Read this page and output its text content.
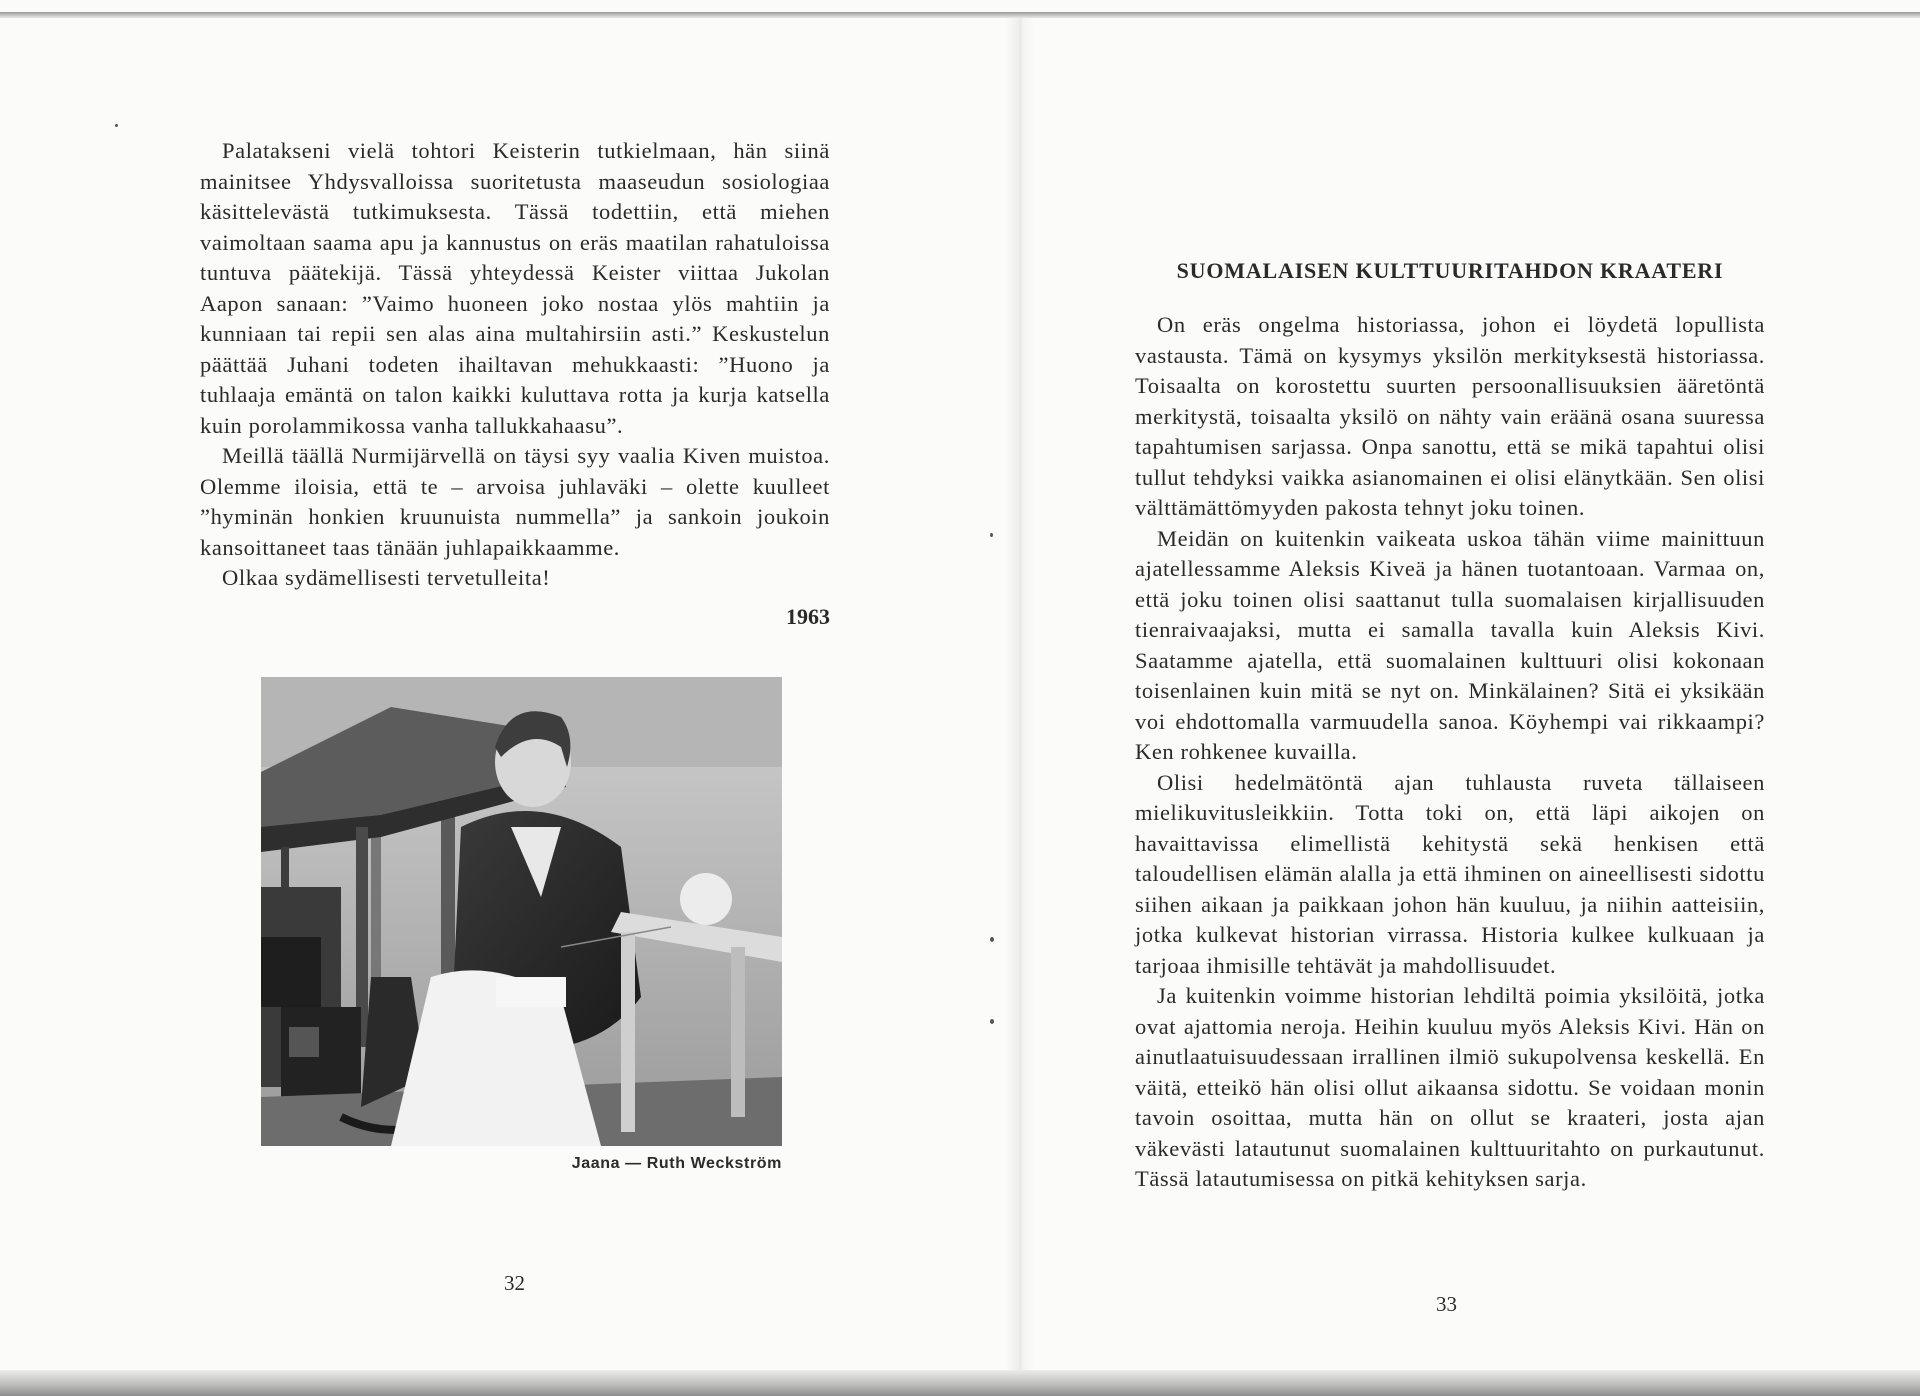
Palatakseni vielä tohtori Keisterin tutkielmaan, hän siinä mainitsee Yhdysvalloissa suoritetusta maaseudun sosiologiaa käsittelevästä tutkimuksesta. Tässä todettiin, että miehen vaimoltaan saama apu ja kannustus on eräs maatilan rahatuloissa tuntuva päätekijä. Tässä yhteydessä Keister viittaa Jukolan Aapon sanaan: ”Vaimo huoneen joko nostaa ylös mahtiin ja kunniaan tai repii sen alas aina multahirsiin asti.” Keskustelun päättää Juhani todeten ihailtavan mehukkaasti: ”Huono ja tuhlaaja emäntä on talon kaikki kuluttava rotta ja kurja katsella kuin porolammikossa vanha tallukkahaasu”.

Meillä täällä Nurmijärvellä on täysi syy vaalia Kiven muistoa. Olemme iloisia, että te – arvoisa juhlaväki – olette kuulleet ”hyminän honkien kruunuista nummella” ja sankoin joukoin kansoittaneet taas tänään juhlapaikkaamme.

Olkaa sydämellisesti tervetulleita!

1963
Jaana — Ruth Weckström
32
SUOMALAISEN KULTTUURITAHDON KRAATERI

On eräs ongelma historiassa, johon ei löydetä lopullista vastausta. Tämä on kysymys yksilön merkityksestä historiassa. Toisaalta on korostettu suurten persoonallisuuksien ääretöntä merkitystä, toisaalta yksilö on nähty vain eräänä osana suuressa tapahtumisen sarjassa. Onpa sanottu, että se mikä tapahtui olisi tullut tehdyksi vaikka asianomainen ei olisi elänytkään. Sen olisi välttämättömyyden pakosta tehnyt joku toinen.

Meidän on kuitenkin vaikeata uskoa tähän viime mainittuun ajatellessamme Aleksis Kiveä ja hänen tuotantoaan. Varmaa on, että joku toinen olisi saattanut tulla suomalaisen kirjallisuuden tienraivaajaksi, mutta ei samalla tavalla kuin Aleksis Kivi. Saatamme ajatella, että suomalainen kulttuuri olisi kokonaan toisenlainen kuin mitä se nyt on. Minkälainen? Sitä ei yksikään voi ehdottomalla varmuudella sanoa. Köyhempi vai rikkaampi? Ken rohkenee kuvailla.

Olisi hedelmätöntä ajan tuhlausta ruveta tällaiseen mielikuvitusleikkiin. Totta toki on, että läpi aikojen on havaittavissa elimellistä kehitystä sekä henkisen että taloudellisen elämän alalla ja että ihminen on aineellisesti sidottu siihen aikaan ja paikkaan johon hän kuuluu, ja niihin aatteisiin, jotka kulkevat historian virrassa. Historia kulkee kulkuaan ja tarjoaa ihmisille tehtävät ja mahdollisuudet.

Ja kuitenkin voimme historian lehdiltä poimia yksilöitä, jotka ovat ajattomia neroja. Heihin kuuluu myös Aleksis Kivi. Hän on ainutlaatuisuudessaan irrallinen ilmiö sukupolvensa keskellä. En väitä, etteikö hän olisi ollut aikaansa sidottu. Se voidaan monin tavoin osoittaa, mutta hän on ollut se kraateri, josta ajan väkevästi latautunut suomalainen kulttuuritahto on purkautunut. Tässä latautumisessa on pitkä kehityksen sarja.

33
